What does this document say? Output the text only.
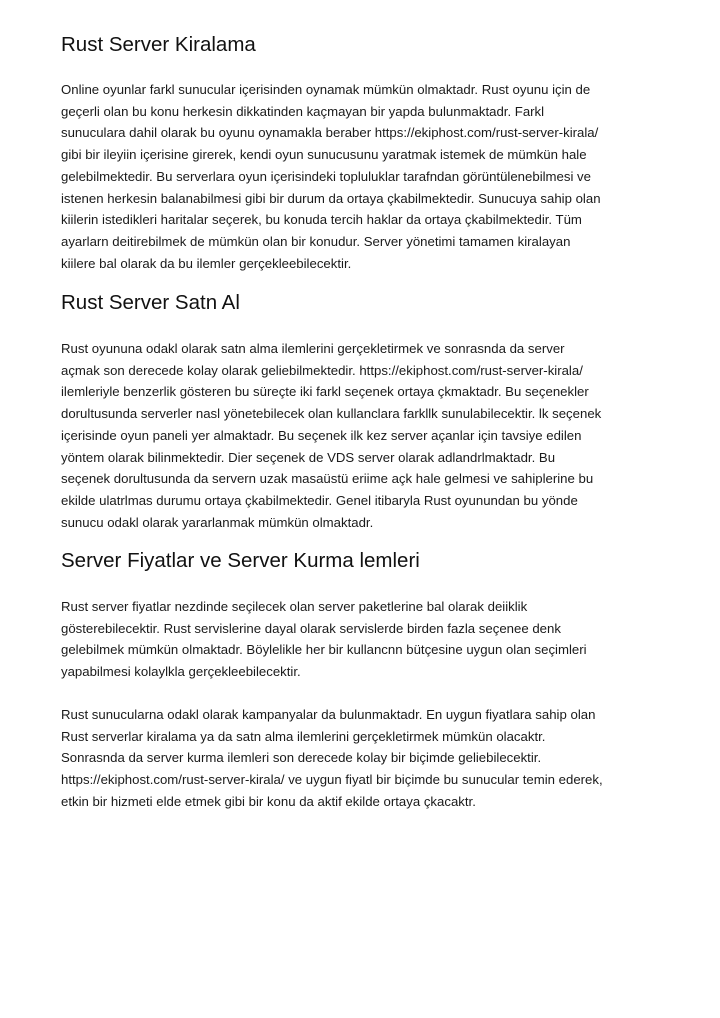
Rust Server Kiralama

Online oyunlar farkl sunucular içerisinden oynamak mümkün olmaktadr. Rust oyunu için de
geçerli olan bu konu herkesin dikkatinden kaçmayan bir yapda bulunmaktadr. Farkl
sunuculara dahil olarak bu oyunu oynamakla beraber https://ekiphost.com/rust-server-kirala/
gibi bir ileyiin içerisine girerek, kendi oyun sunucusunu yaratmak istemek de mümkün hale
gelebilmektedir. Bu serverlara oyun içerisindeki topluluklar tarafndan görüntülenebilmesi ve
istenen herkesin balanabilmesi gibi bir durum da ortaya çkabilmektedir. Sunucuya sahip olan
kiilerin istedikleri haritalar seçerek, bu konuda tercih haklar da ortaya çkabilmektedir. Tüm
ayarlarn deitirebilmek de mümkün olan bir konudur. Server yönetimi tamamen kiralayan
kiilere bal olarak da bu ilemler gerçekleebilecektir.

Rust Server Satn Al

Rust oyununa odakl olarak satn alma ilemlerini gerçekletirmek ve sonrasnda da server
açmak son derecede kolay olarak geliebilmektedir. https://ekiphost.com/rust-server-kirala/
ilemleriyle benzerlik gösteren bu süreçte iki farkl seçenek ortaya çkmaktadr. Bu seçenekler
dorultusunda serverler nasl yönetebilecek olan kullanclara farkllk sunulabilecektir. lk seçenek
içerisinde oyun paneli yer almaktadr. Bu seçenek ilk kez server açanlar için tavsiye edilen
yöntem olarak bilinmektedir. Dier seçenek de VDS server olarak adlandrlmaktadr. Bu
seçenek dorultusunda da servern uzak masaüstü eriime açk hale gelmesi ve sahiplerine bu
ekilde ulatrlmas durumu ortaya çkabilmektedir. Genel itibaryla Rust oyunundan bu yönde
sunucu odakl olarak yararlanmak mümkün olmaktadr.

Server Fiyatlar ve Server Kurma lemleri

Rust server fiyatlar nezdinde seçilecek olan server paketlerine bal olarak deiiklik
gösterebilecektir. Rust servislerine dayal olarak servislerde birden fazla seçenee denk
gelebilmek mümkün olmaktadr. Böylelikle her bir kullancnn bütçesine uygun olan seçimleri
yapabilmesi kolaylkla gerçekleebilecektir.

Rust sunucularna odakl olarak kampanyalar da bulunmaktadr. En uygun fiyatlara sahip olan
Rust serverlar kiralama ya da satn alma ilemlerini gerçekletirmek mümkün olacaktr.
Sonrasnda da server kurma ilemleri son derecede kolay bir biçimde geliebilecektir.
https://ekiphost.com/rust-server-kirala/ ve uygun fiyatl bir biçimde bu sunucular temin ederek,
etkin bir hizmeti elde etmek gibi bir konu da aktif ekilde ortaya çkacaktr.
